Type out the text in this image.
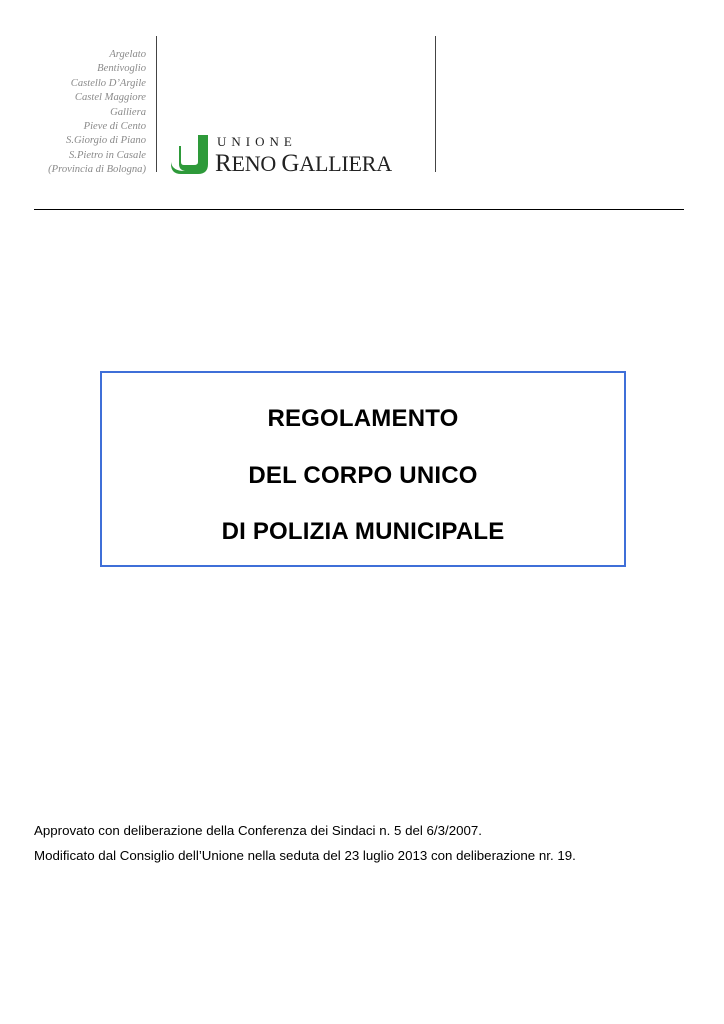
Argelato
Bentivoglio
Castello D’Argile
Castel Maggiore
Galliera
Pieve di Cento
S.Giorgio di Piano
S.Pietro in Casale
(Provincia di Bologna)
UNIONE
RENO GALLIERA
REGOLAMENTO
DEL CORPO UNICO
DI POLIZIA MUNICIPALE
Approvato con deliberazione della Conferenza dei Sindaci n. 5 del 6/3/2007.
Modificato dal Consiglio dell’Unione nella seduta del 23 luglio 2013 con deliberazione nr. 19.
